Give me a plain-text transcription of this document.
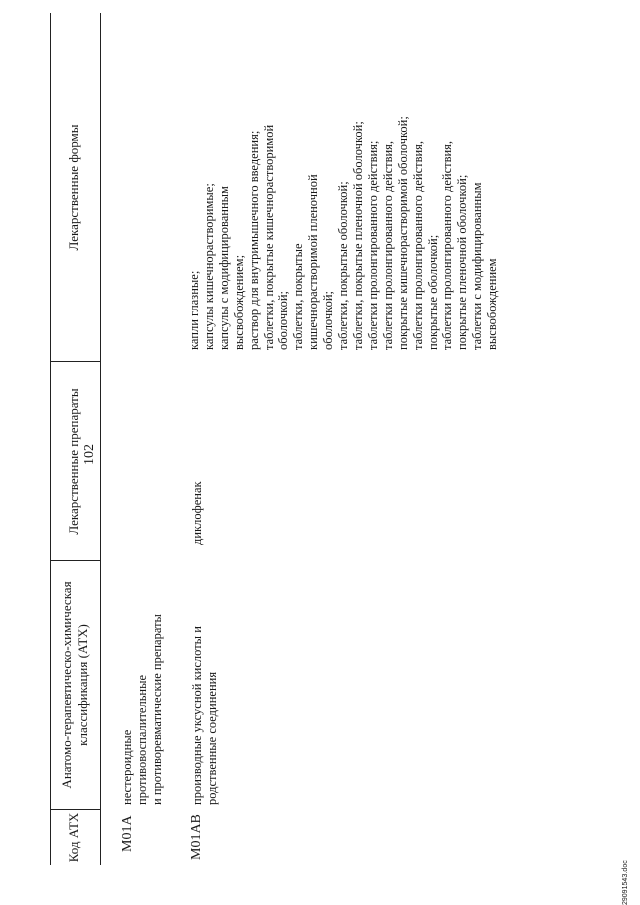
102
Код АТХ
Анатомо-терапевтическо-химическая классификация (АТХ)
Лекарственные препараты
Лекарственные формы
М01А
нестероидные противовоспалительные и противоревматические препараты
М01АВ
производные уксусной кислоты и родственные соединения
диклофенак
капли глазные; капсулы кишечнорастворимые; капсулы с модифицированным высвобождением; раствор для внутримышечного введения; таблетки, покрытые кишечнорастворимой оболочкой; таблетки, покрытые кишечнорастворимой пленочной оболочкой; таблетки, покрытые оболочкой; таблетки, покрытые пленочной оболочкой; таблетки пролонгированного действия; таблетки пролонгированного действия, покрытые кишечнорастворимой оболочкой; таблетки пролонгированного действия, покрытые оболочкой; таблетки пролонгированного действия, покрытые пленочной оболочкой; таблетки с модифицированным высвобождением
2909154З.doc
